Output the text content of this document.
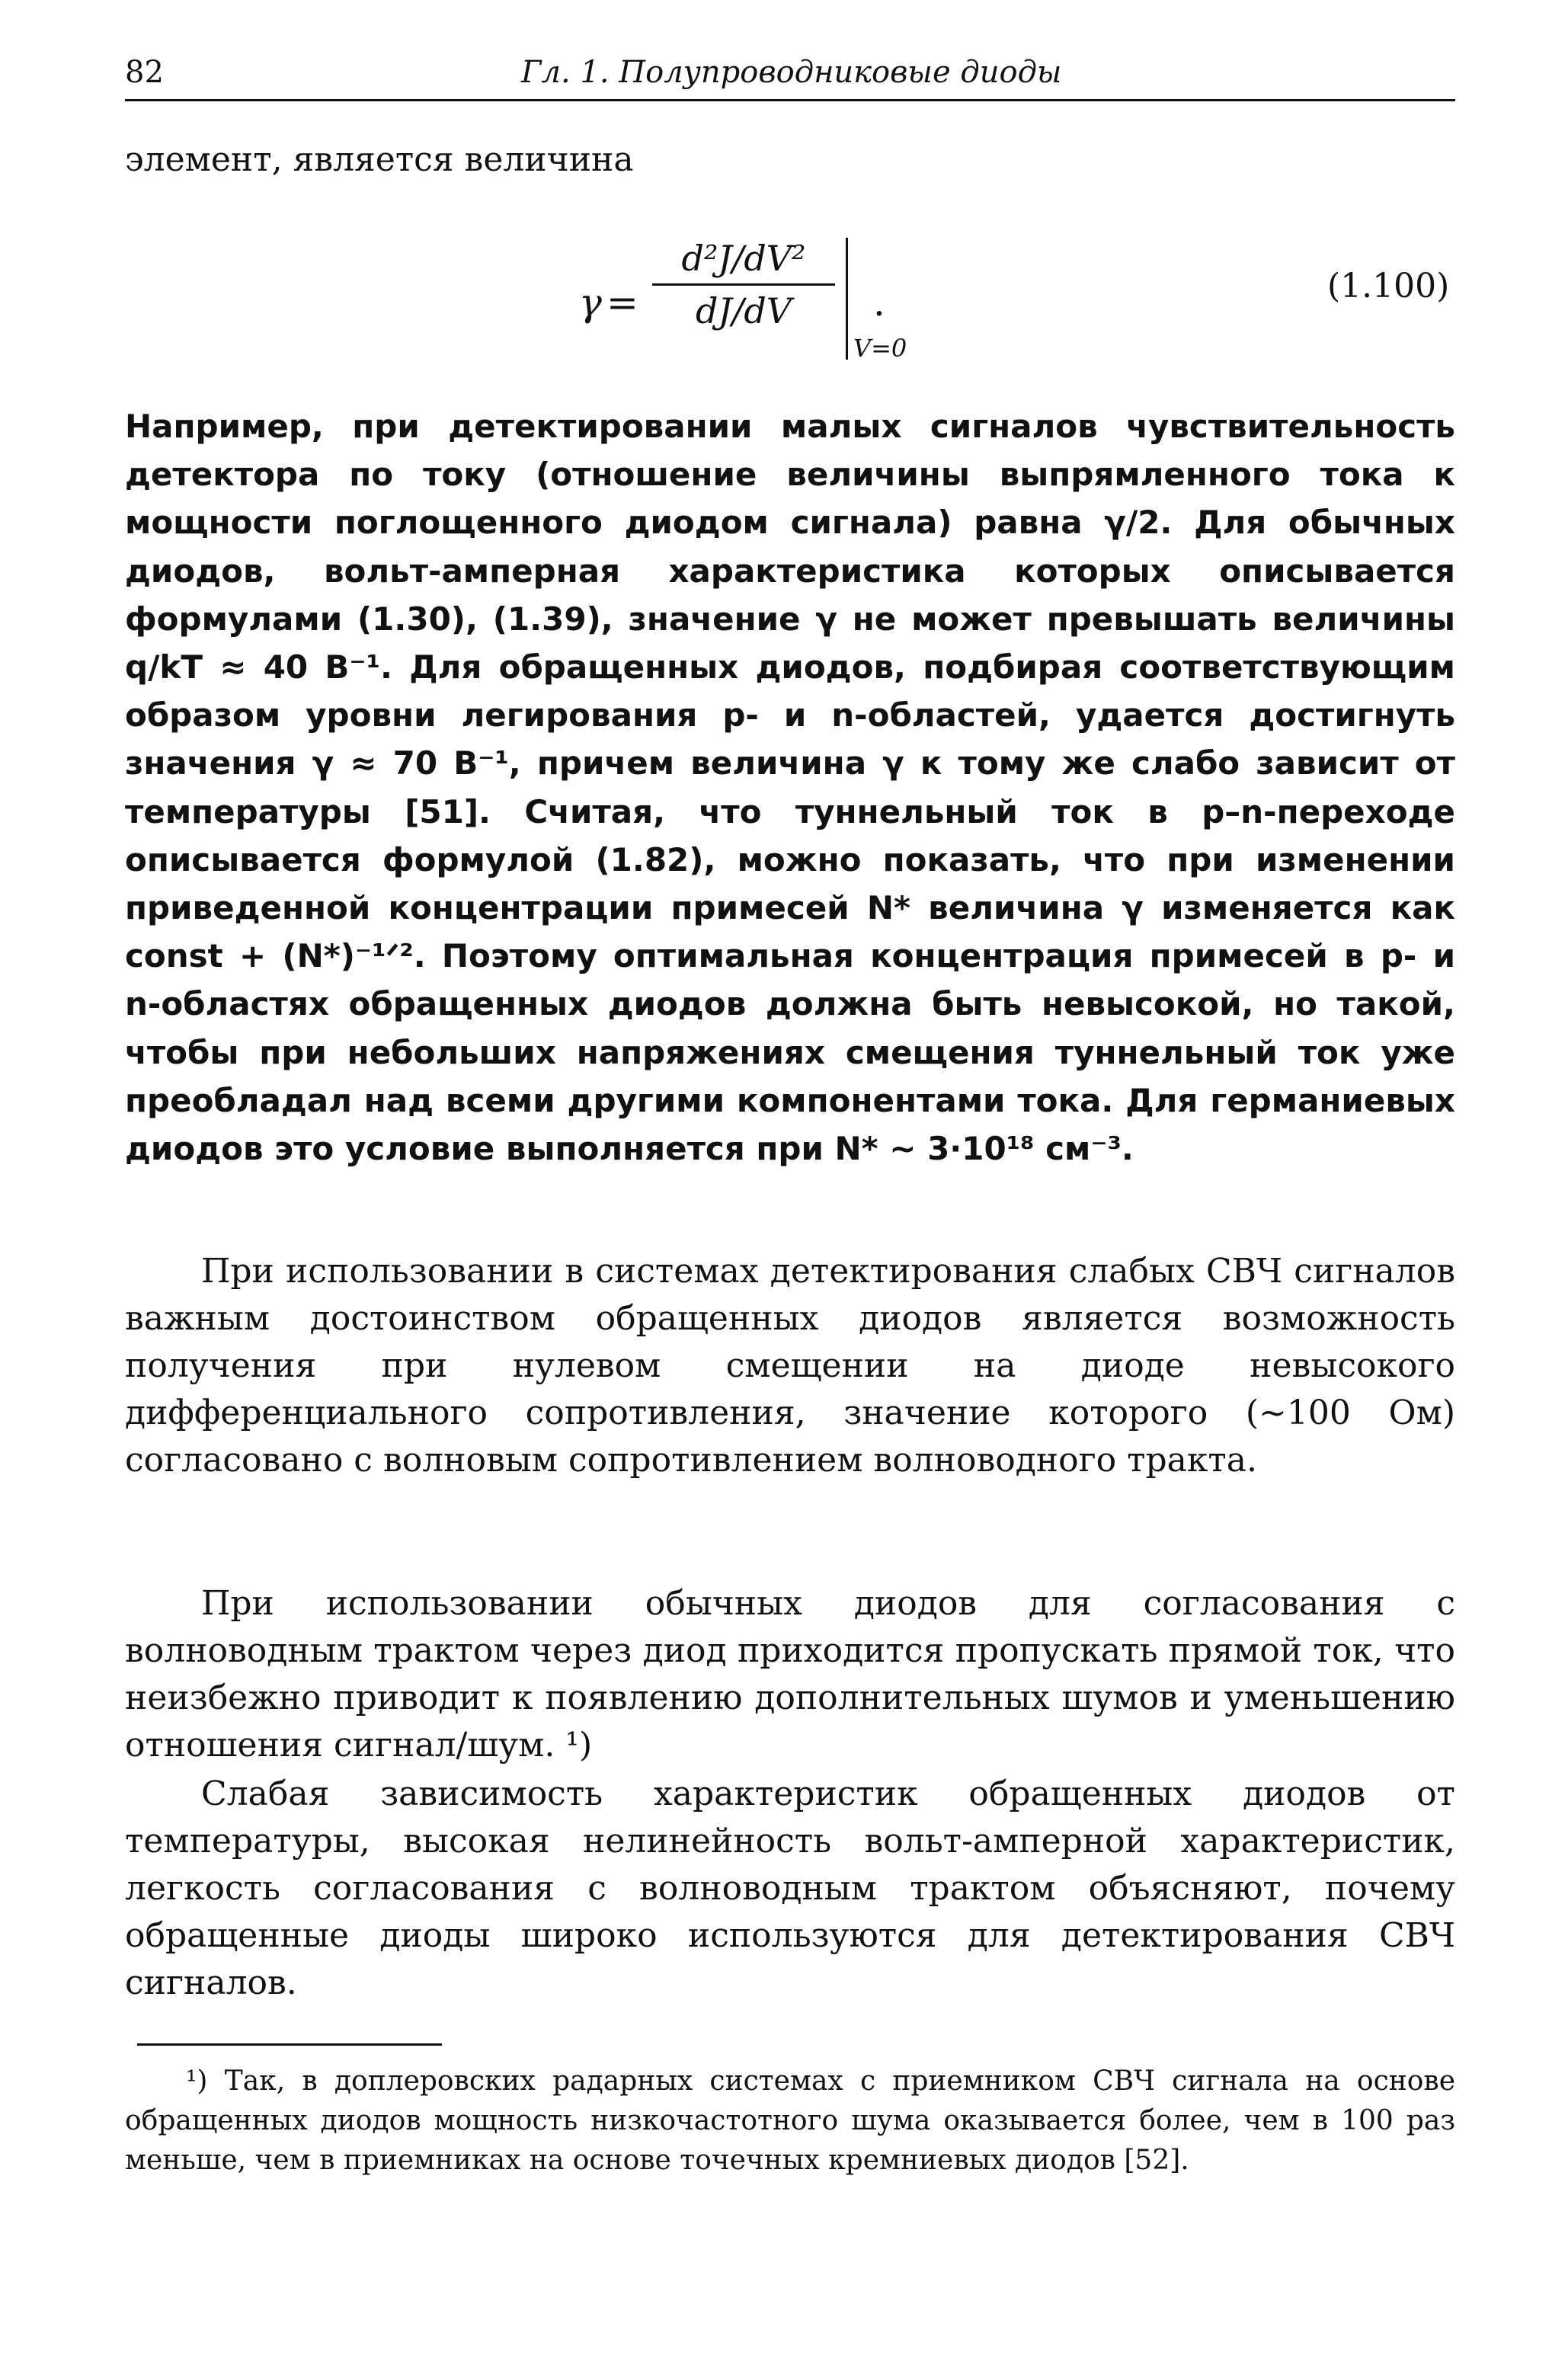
82	Гл. 1. Полупроводниковые диоды
элемент, является величина
γ =
d²J/dV²
dJ/dV
V=0
.	(1.100)

Например, при детектировании малых сигналов чувствительность детектора по току (отношение величины выпрямленного тока к мощности поглощенного диодом сигнала) равна γ/2. Для обычных диодов, вольт-амперная характеристика которых описывается формулами (1.30), (1.39), значение γ не может превышать величины q/kT ≈ 40 В⁻¹. Для обращенных диодов, подбирая соответствующим образом уровни легирования p- и n-областей, удается достигнуть значения γ ≈ 70 В⁻¹, причем величина γ к тому же слабо зависит от температуры [51]. Считая, что туннельный ток в p–n-переходе описывается формулой (1.82), можно показать, что при изменении приведенной концентрации примесей N* величина γ изменяется как const + (N*)⁻¹ᐟ². Поэтому оптимальная концентрация примесей в p- и n-областях обращенных диодов должна быть невысокой, но такой, чтобы при небольших напряжениях смещения туннельный ток уже преобладал над всеми другими компонентами тока. Для германиевых диодов это условие выполняется при N* ~ 3·10¹⁸ см⁻³.

При использовании в системах детектирования слабых СВЧ сигналов важным достоинством обращенных диодов является возможность получения при нулевом смещении на диоде невысокого дифференциального сопротивления, значение которого (~100 Ом) согласовано с волновым сопротивлением волноводного тракта.

При использовании обычных диодов для согласования с волноводным трактом через диод приходится пропускать прямой ток, что неизбежно приводит к появлению дополнительных шумов и уменьшению отношения сигнал/шум. ¹)

Слабая зависимость характеристик обращенных диодов от температуры, высокая нелинейность вольт-амперной характеристик, легкость согласования с волноводным трактом объясняют, почему обращенные диоды широко используются для детектирования СВЧ сигналов.

¹) Так, в доплеровских радарных системах с приемником СВЧ сигнала на основе обращенных диодов мощность низкочастотного шума оказывается более, чем в 100 раз меньше, чем в приемниках на основе точечных кремниевых диодов [52].
